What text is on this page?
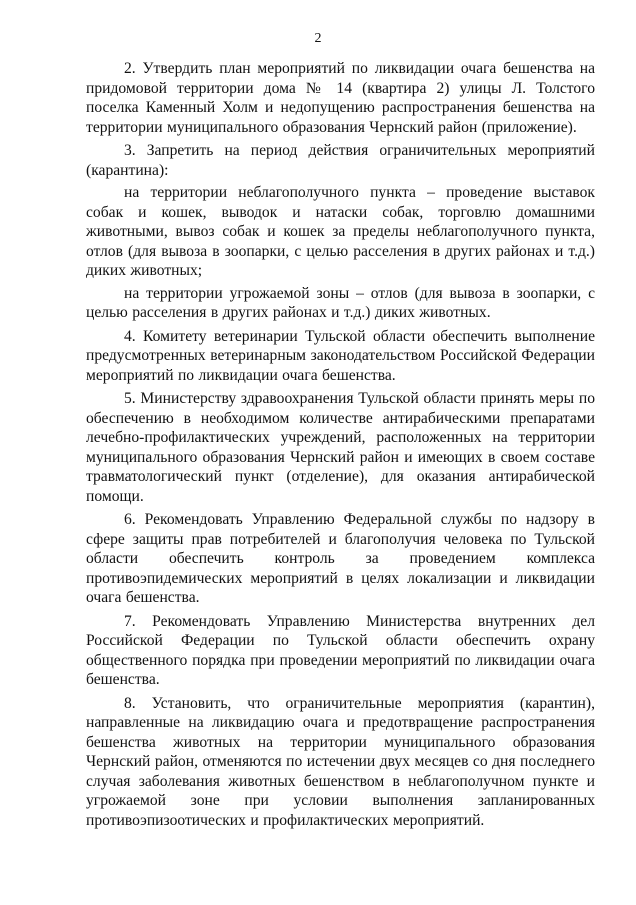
2

2. Утвердить план мероприятий по ликвидации очага бешенства на придомовой территории дома № 14 (квартира 2) улицы Л. Толстого поселка Каменный Холм и недопущению распространения бешенства на территории муниципального образования Чернский район (приложение).

3. Запретить на период действия ограничительных мероприятий (карантина):

на территории неблагополучного пункта – проведение выставок собак и кошек, выводок и натаски собак, торговлю домашними животными, вывоз собак и кошек за пределы неблагополучного пункта, отлов (для вывоза в зоопарки, с целью расселения в других районах и т.д.) диких животных;

на территории угрожаемой зоны – отлов (для вывоза в зоопарки, с целью расселения в других районах и т.д.) диких животных.

4. Комитету ветеринарии Тульской области обеспечить выполнение предусмотренных ветеринарным законодательством Российской Федерации мероприятий по ликвидации очага бешенства.

5. Министерству здравоохранения Тульской области принять меры по обеспечению в необходимом количестве антирабическими препаратами лечебно-профилактических учреждений, расположенных на территории муниципального образования Чернский район и имеющих в своем составе травматологический пункт (отделение), для оказания антирабической помощи.

6. Рекомендовать Управлению Федеральной службы по надзору в сфере защиты прав потребителей и благополучия человека по Тульской области обеспечить контроль за проведением комплекса противоэпидемических мероприятий в целях локализации и ликвидации очага бешенства.

7. Рекомендовать Управлению Министерства внутренних дел Российской Федерации по Тульской области обеспечить охрану общественного порядка при проведении мероприятий по ликвидации очага бешенства.

8. Установить, что ограничительные мероприятия (карантин), направленные на ликвидацию очага и предотвращение распространения бешенства животных на территории муниципального образования Чернский район, отменяются по истечении двух месяцев со дня последнего случая заболевания животных бешенством в неблагополучном пункте и угрожаемой зоне при условии выполнения запланированных противоэпизоотических и профилактических мероприятий.
